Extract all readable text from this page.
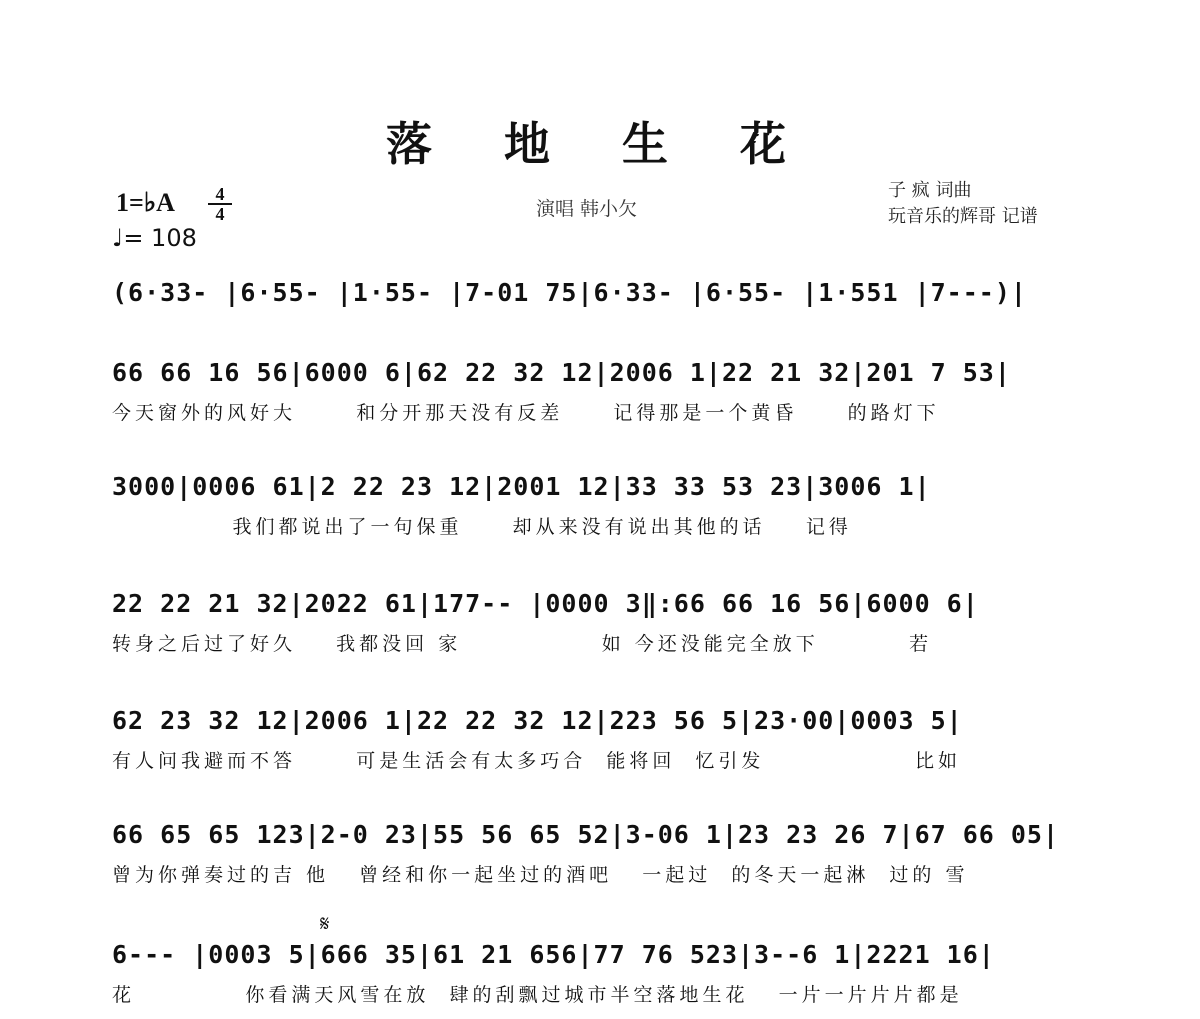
落 地 生 花
演唱 韩小欠
子 疯 词曲
玩音乐的辉哥 记谱
1=♭A	4
4
♩= 108
(6·33- |6·55- |1·55- |7-01 75|6·33- |6·55- |1·551 |7---)|
66 66 16 56|6000 6|62 22 32 12|2006 1|22 21 32|201 7 53|
今天窗外的风好大      和分开那天没有反差     记得那是一个黄昏     的路灯下
3000|0006 61|2 22 23 12|2001 12|33 33 53 23|3006 1|
我们都说出了一句保重     却从来没有说出其他的话    记得
22 22 21 32|2022 61|177-- |0000 3‖:66 66 16 56|6000 6|
转身之后过了好久    我都没回 家              如 今还没能完全放下         若
62 23 32 12|2006 1|22 22 32 12|223 56 5|23·00|0003 5|
有人问我避而不答      可是生活会有太多巧合  能将回  忆引发               比如
66 65 65 123|2-0 23|55 56 65 52|3-06 1|23 23 26 7|67 66 05|
曾为你弹奏过的吉 他   曾经和你一起坐过的酒吧   一起过  的冬天一起淋  过的 雪
𝄋
6--- |0003 5|666 35|61 21 656|77 76 523|3--6 1|2221 16|
花           你看满天风雪在放  肆的刮飘过城市半空落地生花   一片一片片片都是
